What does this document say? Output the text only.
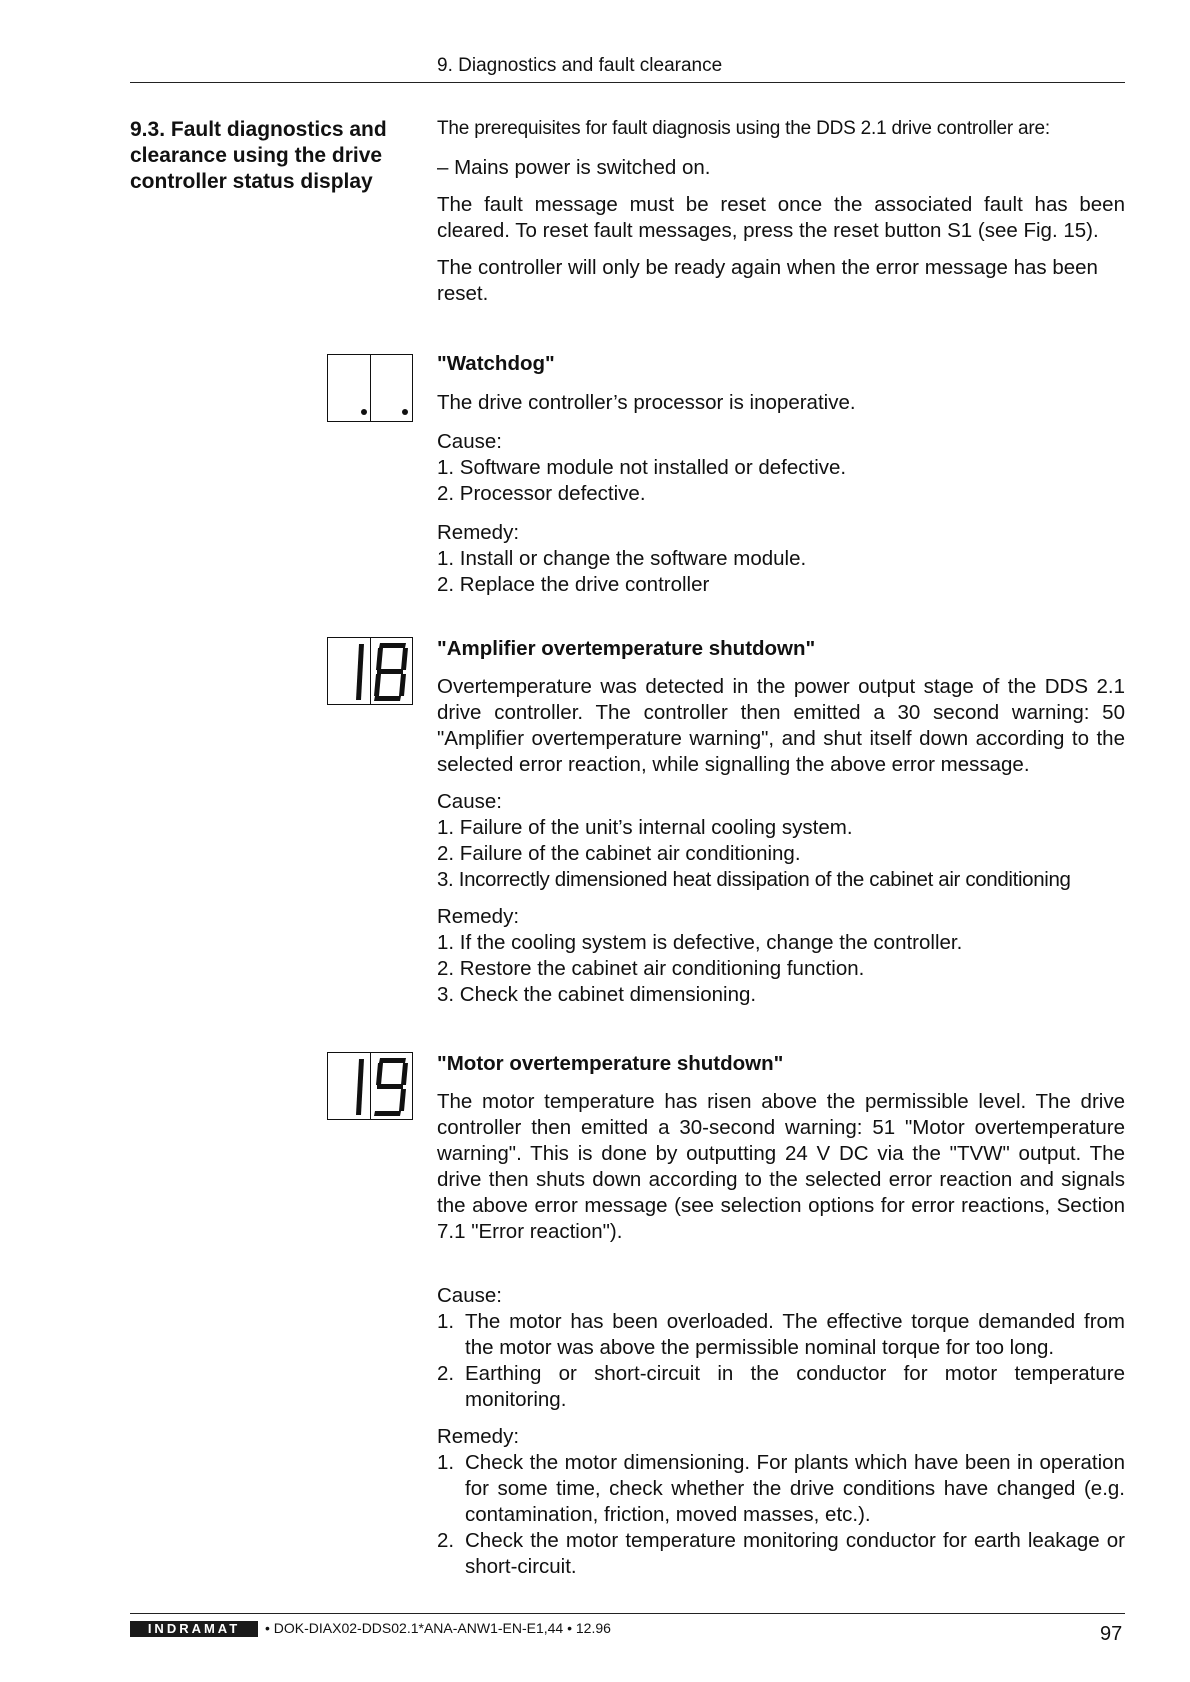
9. Diagnostics and fault clearance
9.3. Fault diagnostics and clearance using the drive controller status display
The prerequisites for fault diagnosis using the DDS 2.1 drive controller are:

– Mains power is switched on.

The fault message must be reset once the associated fault has been cleared. To reset fault messages, press the reset button S1 (see Fig. 15).

The controller will only be ready again when the error message has been reset.

"Watchdog"

The drive controller’s processor is inoperative.

Cause:

1. Software module not installed or defective.
2. Processor defective.

Remedy:

1. Install or change the software module.
2. Replace the drive controller

"Amplifier overtemperature shutdown"

Overtemperature was detected in the power output stage of the DDS 2.1 drive controller. The controller then emitted a 30 second warning: 50 "Amplifier overtemperature warning", and shut itself down according to the selected error reaction, while signalling the above error message.

Cause:

1. Failure of the unit’s internal cooling system.
2. Failure of the cabinet air conditioning.
3. Incorrectly dimensioned heat dissipation of the cabinet air conditioning

Remedy:

1. If the cooling system is defective, change the controller.
2. Restore the cabinet air conditioning function.
3. Check the cabinet dimensioning.

"Motor overtemperature shutdown"

The motor temperature has risen above the permissible level. The drive controller then emitted a 30-second warning: 51 "Motor overtemperature warning". This is done by outputting 24 V DC via the "TVW" output. The drive then shuts down according to the selected error reaction and signals the above error message (see selection options for error reactions, Section 7.1 "Error reaction").

Cause:

1. The motor has been overloaded. The effective torque demanded from the motor was above the permissible nominal torque for too long.
2. Earthing or short-circuit in the conductor for motor temperature monitoring.

Remedy:

1. Check the motor dimensioning. For plants which have been in operation for some time, check whether the drive conditions have changed (e.g. contamination, friction, moved masses, etc.).
2. Check the motor temperature monitoring conductor for earth leakage or short-circuit.
INDRAMAT	• DOK-DIAX02-DDS02.1*ANA-ANW1-EN-E1,44 • 12.96	97
